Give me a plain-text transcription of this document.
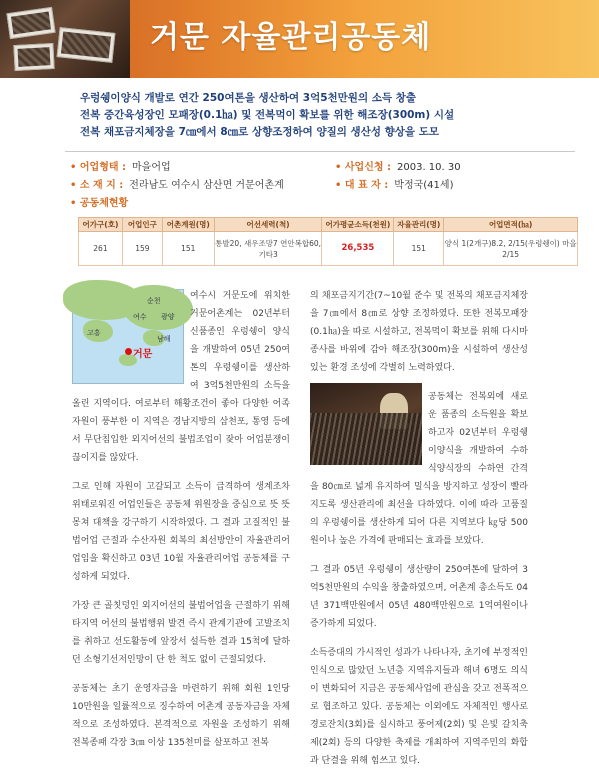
거문 자율관리공동체
우렁쉥이양식 개발로 연간 250여톤을 생산하여 3억5천만원의 소득 창출
전복 중간육성장인 모패장(0.1㏊) 및 전복먹이 확보를 위한 해조장(300m) 시설
전복 채포금지체장을 7㎝에서 8㎝로 상향조정하여 양질의 생산성 향상을 도모
• 어업형태 : 마을어업	• 사업신청 : 2003. 10. 30
• 소 재 지 : 전라남도 여수시 삼산면 거문어촌계	• 대 표 자 : 박정국(41세)
• 공동체현황
어가구(호)	어업인구	어촌계원(명)	어선세력(척)	어가평균소득(천원)	자율관리(명)	어업면적(㏊)
261	159	151	통발20, 새우조망7 연안복합60, 기타3	26,535	151	양식 1(2개구)8.2, 2/15(우렁쉥이) 마을 2/15
순천
여수 광양
고흥
남해
거문

여수시 거문도에 위치한 거문어촌계는 02년부터 신품종인 우렁쉥이 양식을 개발하여 05년 250여톤의 우렁쉥이를 생산하여 3억5천만원의 소득을 올린 지역이다. 여로부터 해황조건이 좋아 다양한 어족자원이 풍부한 이 지역은 경남지방의 삼천포, 통영 등에서 무단침입한 외지어선의 불법조업이 잦아 어업분쟁이 끊이지를 않았다.

그로 인해 자원이 고갈되고 소득이 급격하여 생계조차 위태로워진 어업인들은 공동체 위원장을 중심으로 뜻 뜻 몽쳐 대책을 강구하기 시작하였다. 그 결과 고질적인 불법어업 근절과 수산자원 회복의 최선방안이 자율관리어업임을 확신하고 03년 10월 자율관리어업 공동체를 구성하게 되었다.

가장 큰 골칫덩인 외지어선의 불법어업을 근절하기 위해 타지역 어선의 불법행위 발견 즉시 관계기관에 고발조치를 취하고 선도활동에 앞장서 설득한 결과 15척에 달하던 소형기선저인망이 단 한 척도 없이 근절되었다.

공동체는 초기 운영자금을 마련하기 위해 회원 1인당 10만원을 일률적으로 징수하여 어촌계 공동자금을 자체적으로 조성하였다. 본격적으로 자원을 조성하기 위해 전복종패 각장 3㎝ 이상 135천미를 살포하고 전복

의 채포금지기간(7~10월 준수 및 전복의 채포금지체장을 7㎝에서 8㎝로 상향 조정하였다. 또한 전복모패장(0.1㏊)을 따로 시설하고, 전복먹이 확보를 위해 다시마종사를 바위에 감아 해조장(300m)을 시설하여 생산성있는 환경 조성에 각별히 노력하였다.

공동체는 전복외에 새로운 품종의 소득원을 확보하고자 02년부터 우렁쉥이양식을 개발하여 수하식양식장의 수하연 간격을 80㎝로 넓게 유지하여 밀식을 방지하고 성장이 빨라지도록 생산관리에 최선을 다하였다. 이에 따라 고품질의 우렁쉥이를 생산하게 되어 다른 지역보다 ㎏당 500원이나 높은 가격에 판매되는 효과를 보았다.

그 결과 05년 우렁쉥이 생산량이 250여톤에 달하여 3억5천만원의 수익을 창출하였으며, 어촌계 총소득도 04년 371백만원에서 05년 480백만원으로 1억여원이나 증가하게 되었다.

소득증대의 가시적인 성과가 나타나자, 초기에 부정적인 인식으로 많았던 노년층 지역유지들과 해녀 6명도 의식이 변화되어 지금은 공동체사업에 관심을 갖고 전폭적으로 협조하고 있다. 공동체는 이외에도 자체적인 행사로 경로잔치(3회)를 실시하고 풍어제(2회) 및 은빛 갈치축제(2회) 등의 다양한 축제를 개최하여 지역주민의 화합과 단결을 위해 힘쓰고 있다.
